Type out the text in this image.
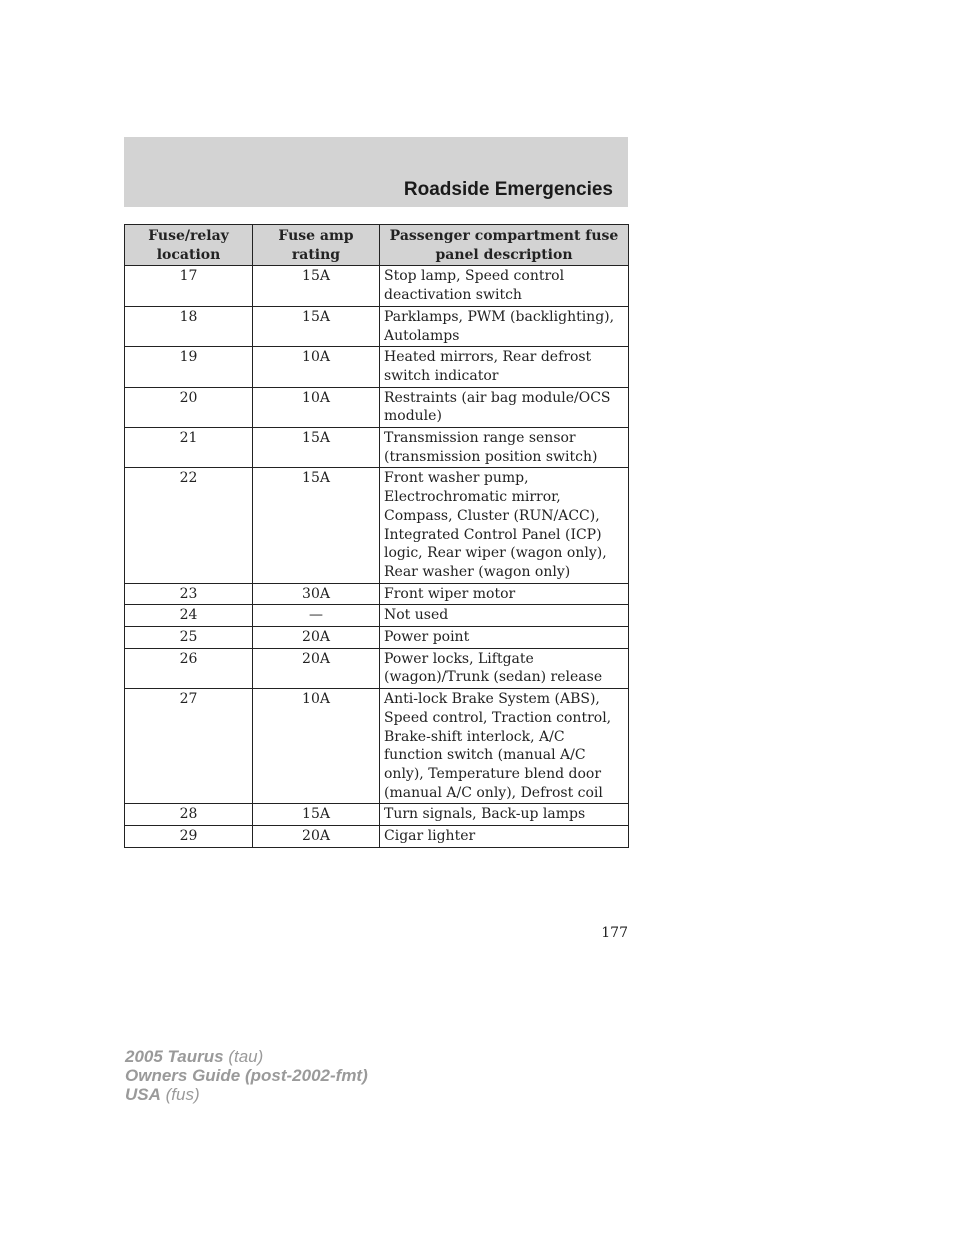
Roadside Emergencies
Fuse/relay location	Fuse amp rating	Passenger compartment fuse panel description
17	15A	Stop lamp, Speed control deactivation switch
18	15A	Parklamps, PWM (backlighting), Autolamps
19	10A	Heated mirrors, Rear defrost switch indicator
20	10A	Restraints (air bag module/OCS module)
21	15A	Transmission range sensor (transmission position switch)
22	15A	Front washer pump, Electrochromatic mirror, Compass, Cluster (RUN/ACC), Integrated Control Panel (ICP) logic, Rear wiper (wagon only), Rear washer (wagon only)
23	30A	Front wiper motor
24	—	Not used
25	20A	Power point
26	20A	Power locks, Liftgate (wagon)/Trunk (sedan) release
27	10A	Anti-lock Brake System (ABS), Speed control, Traction control, Brake-shift interlock, A/C function switch (manual A/C only), Temperature blend door (manual A/C only), Defrost coil
28	15A	Turn signals, Back-up lamps
29	20A	Cigar lighter
177
2005 Taurus (tau)
Owners Guide (post-2002-fmt)
USA (fus)
